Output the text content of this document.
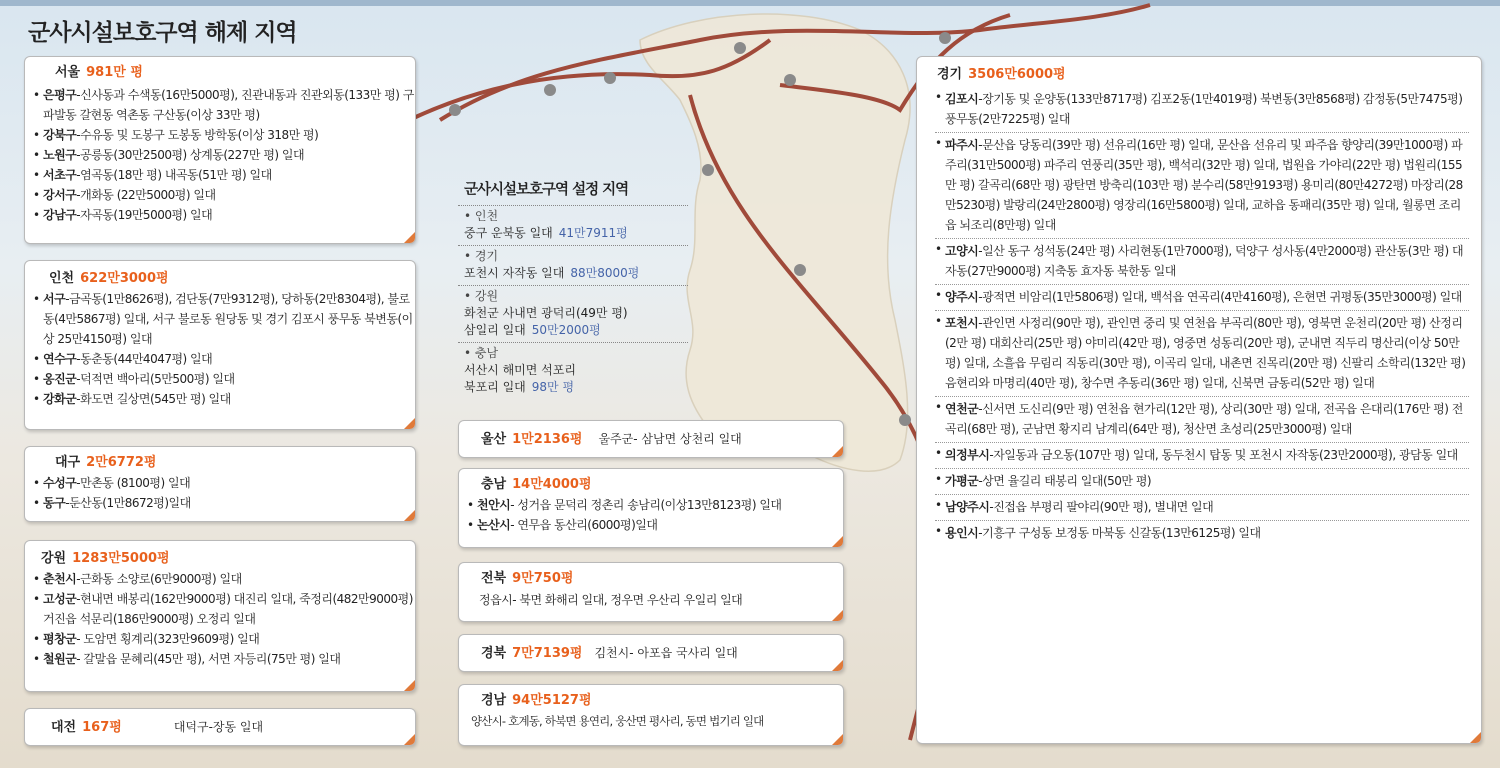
군사시설보호구역 해제 지역
서울 981만 평
• 은평구-신사동과 수색동(16만5000평), 진관내동과 진관외동(133만 평) 구파발동 갈현동 역촌동 구산동(이상 33만 평)
• 강북구-수유동 및 도봉구 도봉동 방학동(이상 318만 평)
• 노원구-공릉동(30만2500평) 상계동(227만 평) 일대
• 서초구-염곡동(18만 평) 내곡동(51만 평) 일대
• 강서구-개화동 (22만5000평) 일대
• 강남구-자곡동(19만5000평) 일대
인천 622만3000평
• 서구-금곡동(1만8626평), 검단동(7만9312평), 당하동(2만8304평), 불로동(4만5867평) 일대, 서구 불로동 원당동 및 경기 김포시 풍무동 북변동(이상 25만4150평) 일대
• 연수구-동춘동(44만4047평) 일대
• 옹진군-덕적면 백아리(5만500평) 일대
• 강화군-화도면 길상면(545만 평) 일대
대구 2만6772평
• 수성구-만촌동 (8100평) 일대
• 동구-둔산동(1만8672평)일대
강원 1283만5000평
• 춘천시-근화동 소양로(6만9000평) 일대
• 고성군-현내면 배봉리(162만9000평) 대진리 일대, 죽정리(482만9000평) 거진읍 석문리(186만9000평) 오정리 일대
• 평창군- 도암면 횡계리(323만9609평) 일대
• 철원군- 갈말읍 문혜리(45만 평), 서면 자등리(75만 평) 일대
대전 167평	대덕구-장동 일대
군사시설보호구역 설정 지역
• 인천
중구 운북동 일대 41만7911평
• 경기
포천시 자작동 일대 88만8000평
• 강원
화천군 사내면 광덕리(49만 평)
삼일리 일대 50만2000평
• 충남
서산시 해미면 석포리
북포리 일대 98만 평
울산 1만2136평 울주군- 삼남면 상천리 일대
충남 14만4000평
• 천안시- 성거읍 문덕리 정촌리 송남리(이상13만8123평) 일대
• 논산시- 연무읍 동산리(6000평)일대
전북 9만750평
정읍시- 북면 화해리 일대, 정우면 우산리 우일리 일대
경북 7만7139평 김천시- 아포읍 국사리 일대
경남 94만5127평
양산시- 호계동, 하북면 용연리, 웅산면 평사리, 동면 법기리 일대
경기 3506만6000평
• 김포시-장기동 및 운양동(133만8717평) 김포2동(1만4019평) 북변동(3만8568평) 감정동(5만7475평) 풍무동(2만7225평) 일대
• 파주시-문산읍 당동리(39만 평) 선유리(16만 평) 일대, 문산읍 선유리 및 파주읍 향양리(39만1000평) 파주리(31만5000평) 파주리 연풍리(35만 평), 백석리(32만 평) 일대, 법원읍 가야리(22만 평) 법원리(155만 평) 갈곡리(68만 평) 광탄면 방축리(103만 평) 분수리(58만9193평) 용미리(80만4272평) 마장리(28만5230평) 발랑리(24만2800평) 영장리(16만5800평) 일대, 교하읍 동패리(35만 평) 일대, 월롱면 조리읍 뇌조리(8만평) 일대
• 고양시-일산 동구 성석동(24만 평) 사리현동(1만7000평), 덕양구 성사동(4만2000평) 관산동(3만 평) 대자동(27만9000평) 지축동 효자동 북한동 일대
• 양주시-광적면 비암리(1만5806평) 일대, 백석읍 연곡리(4만4160평), 은현면 귀평동(35만3000평) 일대
• 포천시-관인면 사정리(90만 평), 관인면 중리 및 연천읍 부곡리(80만 평), 영북면 운천리(20만 평) 산정리(2만 평) 대회산리(25만 평) 야미리(42만 평), 영중면 성동리(20만 평), 군내면 직두리 명산리(이상 50만 평) 일대, 소흘읍 무림리 직동리(30만 평), 이곡리 일대, 내촌면 진목리(20만 평) 신팔리 소학리(132만 평) 음현리와 마명리(40만 평), 창수면 추동리(36만 평) 일대, 신북면 금동리(52만 평) 일대
• 연천군-신서면 도신리(9만 평) 연천읍 현가리(12만 평), 상리(30만 평) 일대, 전곡읍 은대리(176만 평) 전곡리(68만 평), 군남면 황지리 남계리(64만 평), 청산면 초성리(25만3000평) 일대
• 의정부시-자일동과 금오동(107만 평) 일대, 동두천시 탑동 및 포천시 자작동(23만2000평), 광담동 일대
• 가평군-상면 율길리 태봉리 일대(50만 평)
• 남양주시-진접읍 부평리 팔야리(90만 평), 별내면 일대
• 용인시-기흥구 구성동 보정동 마북동 신갈동(13만6125평) 일대
